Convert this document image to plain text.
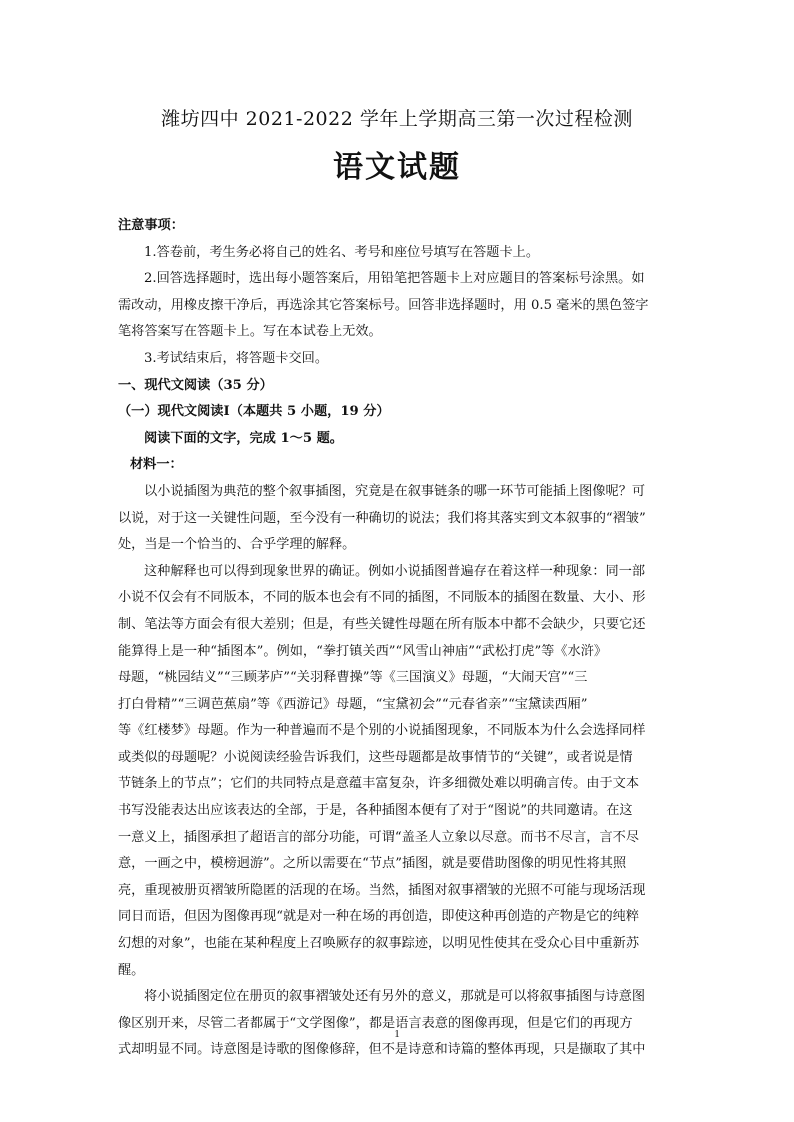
潍坊四中 2021-2022 学年上学期高三第一次过程检测
语文试题
注意事项：
1.答卷前，考生务必将自己的姓名、考号和座位号填写在答题卡上。
2.回答选择题时，选出每小题答案后，用铅笔把答题卡上对应题目的答案标号涂黑。如
需改动，用橡皮擦干净后，再选涂其它答案标号。回答非选择题时，用 0.5 毫米的黑色签字
笔将答案写在答题卡上。写在本试卷上无效。
3.考试结束后，将答题卡交回。
一、现代文阅读（35 分）
（一）现代文阅读Ⅰ（本题共 5 小题，19 分）
阅读下面的文字，完成 1～5 题。
材料一：
以小说插图为典范的整个叙事插图，究竟是在叙事链条的哪一环节可能插上图像呢？可
以说，对于这一关键性问题，至今没有一种确切的说法；我们将其落实到文本叙事的“褶皱”
处，当是一个恰当的、合乎学理的解释。
这种解释也可以得到现象世界的确证。例如小说插图普遍存在着这样一种现象：同一部
小说不仅会有不同版本，不同的版本也会有不同的插图，不同版本的插图在数量、大小、形
制、笔法等方面会有很大差别；但是，有些关键性母题在所有版本中都不会缺少，只要它还
能算得上是一种“插图本”。例如，“拳打镇关西”“风雪山神庙”“武松打虎”等《水浒》
母题，“桃园结义”“三顾茅庐”“关羽释曹操”等《三国演义》母题，“大闹天宫”“三
打白骨精”“三调芭蕉扇”等《西游记》母题，“宝黛初会”“元春省亲”“宝黛读西厢”
等《红楼梦》母题。作为一种普遍而不是个别的小说插图现象，不同版本为什么会选择同样
或类似的母题呢？小说阅读经验告诉我们，这些母题都是故事情节的“关键”，或者说是情
节链条上的节点”；它们的共同特点是意蕴丰富复杂，许多细微处难以明确言传。由于文本
书写没能表达出应该表达的全部，于是，各种插图本便有了对于“图说”的共同邀请。在这
一意义上，插图承担了超语言的部分功能，可谓“盖圣人立象以尽意。而书不尽言，言不尽
意，一画之中，模榜迥游”。之所以需要在“节点”插图，就是要借助图像的明见性将其照
亮，重现被册页褶皱所隐匿的活现的在场。当然，插图对叙事褶皱的光照不可能与现场活现
同日而语，但因为图像再现“就是对一种在场的再创造，即使这种再创造的产物是它的纯粹
幻想的对象”，也能在某种程度上召唤厥存的叙事踪迹，以明见性使其在受众心目中重新苏
醒。
将小说插图定位在册页的叙事褶皱处还有另外的意义，那就是可以将叙事插图与诗意图
像区别开来，尽管二者都属于“文学图像”，都是语言表意的图像再现，但是它们的再现方
式却明显不同。诗意图是诗歌的图像修辞，但不是诗意和诗篇的整体再现，只是撷取了其中
1
